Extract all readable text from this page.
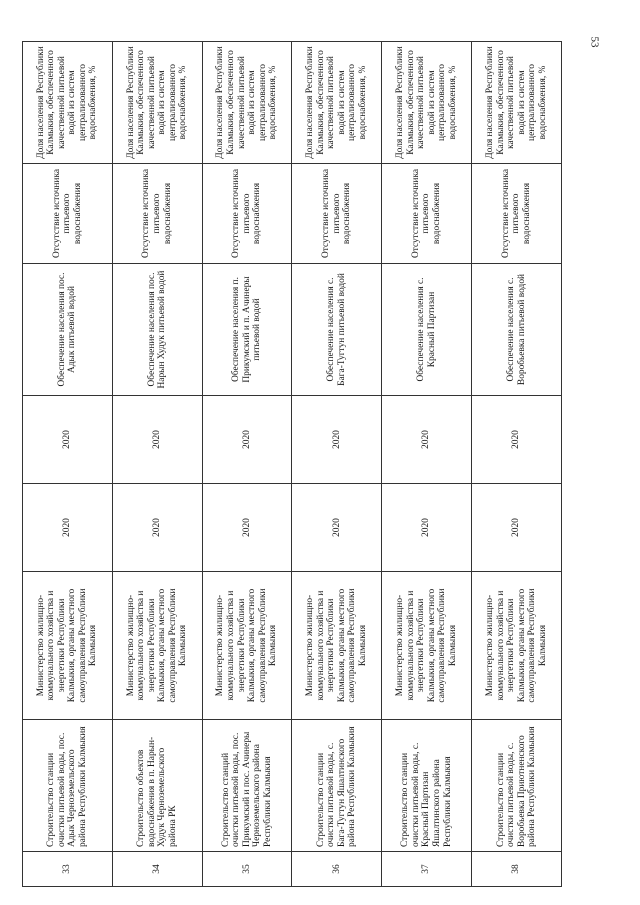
53
33	Строительство станции очистки питьевой воды, пос. Адык Черноземельского района Республики Калмыкия	Министерство жилищно-коммунального хозяйства и энергетики Республики Калмыкия, органы местного самоуправления Республики Калмыкия	2020	2020	Обеспечение населения пос. Адык питьевой водой	Отсутствие источника питьевого водоснабжения	Доля населения Республики Калмыкия, обеспеченного качественной питьевой водой из систем централизованного водоснабжения, %
34	Строительство объектов водоснабжения в п. Нарын-Худук Черноземельского района РК	Министерство жилищно-коммунального хозяйства и энергетики Республики Калмыкия, органы местного самоуправления Республики Калмыкия	2020	2020	Обеспечение населения пос. Нарын Худук питьевой водой	Отсутствие источника питьевого водоснабжения	Доля населения Республики Калмыкия, обеспеченного качественной питьевой водой из систем централизованного водоснабжения, %
35	Строительство станций очистки питьевой воды, пос. Прикумский и пос. Ачинеры Черноземельского района Республики Калмыкия	Министерство жилищно-коммунального хозяйства и энергетики Республики Калмыкия, органы местного самоуправления Республики Калмыкия	2020	2020	Обеспечение населения п. Прикумский и п. Ачинеры питьевой водой	Отсутствие источника питьевого водоснабжения	Доля населения Республики Калмыкия, обеспеченного качественной питьевой водой из систем централизованного водоснабжения, %
36	Строительство станции очистки питьевой воды, с. Бага-Тугтун Яшалтинского района Республики Калмыкия	Министерство жилищно-коммунального хозяйства и энергетики Республики Калмыкия, органы местного самоуправления Республики Калмыкия	2020	2020	Обеспечение населения с. Бага-Тугтун питьевой водой	Отсутствие источника питьевого водоснабжения	Доля населения Республики Калмыкия, обеспеченного качественной питьевой водой из систем централизованного водоснабжения, %
37	Строительство станции очистки питьевой воды, с. Красный Партизан Яшалтинского района Республики Калмыкия	Министерство жилищно-коммунального хозяйства и энергетики Республики Калмыкия, органы местного самоуправления Республики Калмыкия	2020	2020	Обеспечение населения с. Красный Партизан	Отсутствие источника питьевого водоснабжения	Доля населения Республики Калмыкия, обеспеченного качественной питьевой водой из систем централизованного водоснабжения, %
38	Строительство станции очистки питьевой воды, с. Воробьевка Приютненского района Республики Калмыкия	Министерство жилищно-коммунального хозяйства и энергетики Республики Калмыкия, органы местного самоуправления Республики Калмыкия	2020	2020	Обеспечение населения с. Воробьевка питьевой водой	Отсутствие источника питьевого водоснабжения	Доля населения Республики Калмыкия, обеспеченного качественной питьевой водой из систем централизованного водоснабжения, %
